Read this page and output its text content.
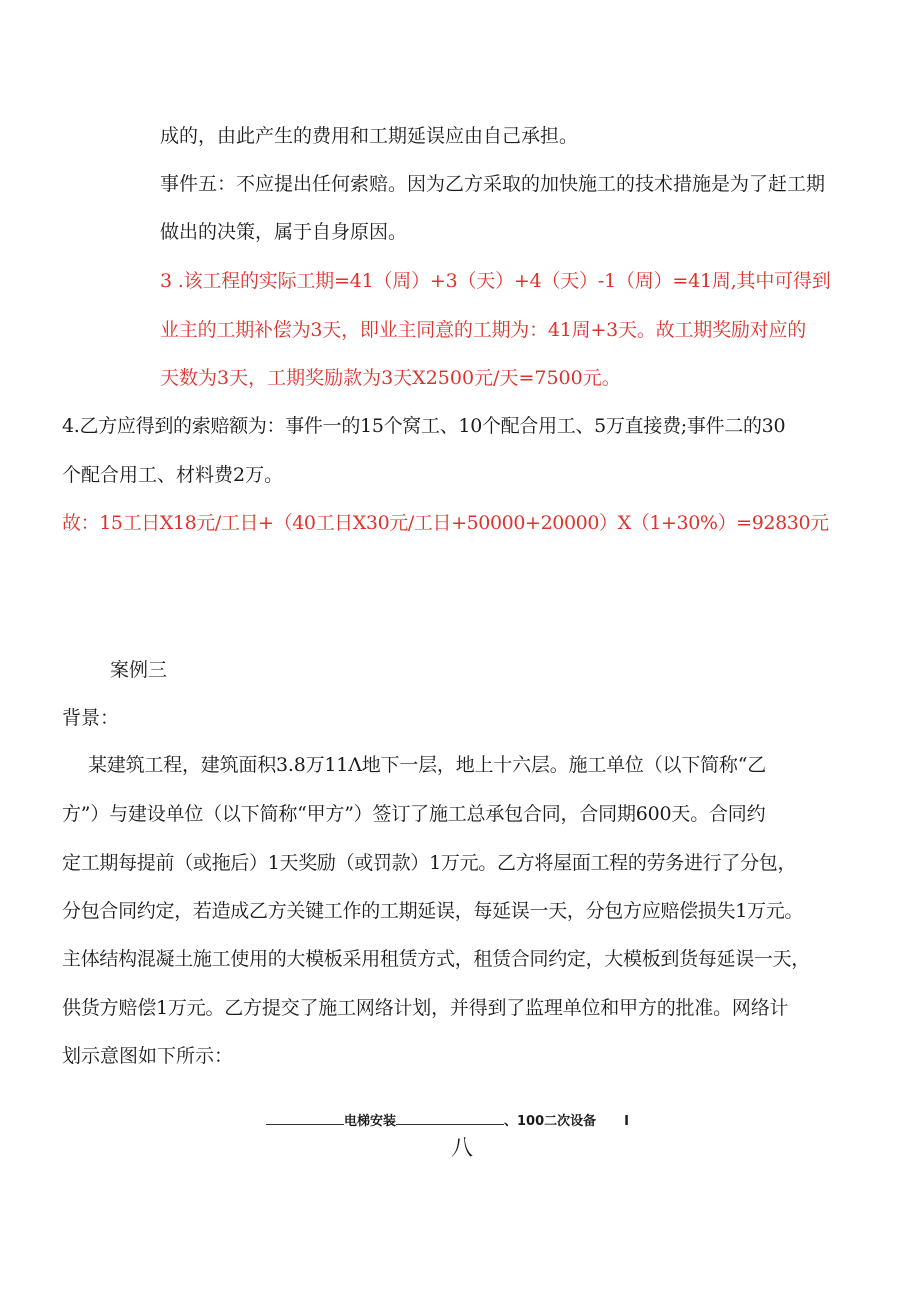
成的，由此产生的费用和工期延误应由自己承担。
事件五：不应提出任何索赔。因为乙方采取的加快施工的技术措施是为了赶工期
做出的决策，属于自身原因。
3 .该工程的实际工期=41（周）+3（天）+4（天）-1（周）=41周,其中可得到
业主的工期补偿为3天，即业主同意的工期为：41周+3天。故工期奖励对应的
天数为3天，工期奖励款为3天X2500元/天=7500元。
4.乙方应得到的索赔额为：事件一的15个窝工、10个配合用工、5万直接费;事件二的30
个配合用工、材料费2万。
故：15工日X18元/工日+（40工日X30元/工日+50000+20000）X（1+30%）=92830元
案例三
背景：
某建筑工程，建筑面积3.8万11Λ地下一层，地上十六层。施工单位（以下简称“乙
方”）与建设单位（以下简称“甲方”）签订了施工总承包合同，合同期600天。合同约
定工期每提前（或拖后）1天奖励（或罚款）1万元。乙方将屋面工程的劳务进行了分包，
分包合同约定，若造成乙方关键工作的工期延误，每延误一天，分包方应赔偿损失1万元。
主体结构混凝土施工使用的大模板采用租赁方式，租赁合同约定，大模板到货每延误一天，
供货方赔偿1万元。乙方提交了施工网络计划，并得到了监理单位和甲方的批准。网络计
划示意图如下所示：
电梯安装	、100二次设备 I
八
